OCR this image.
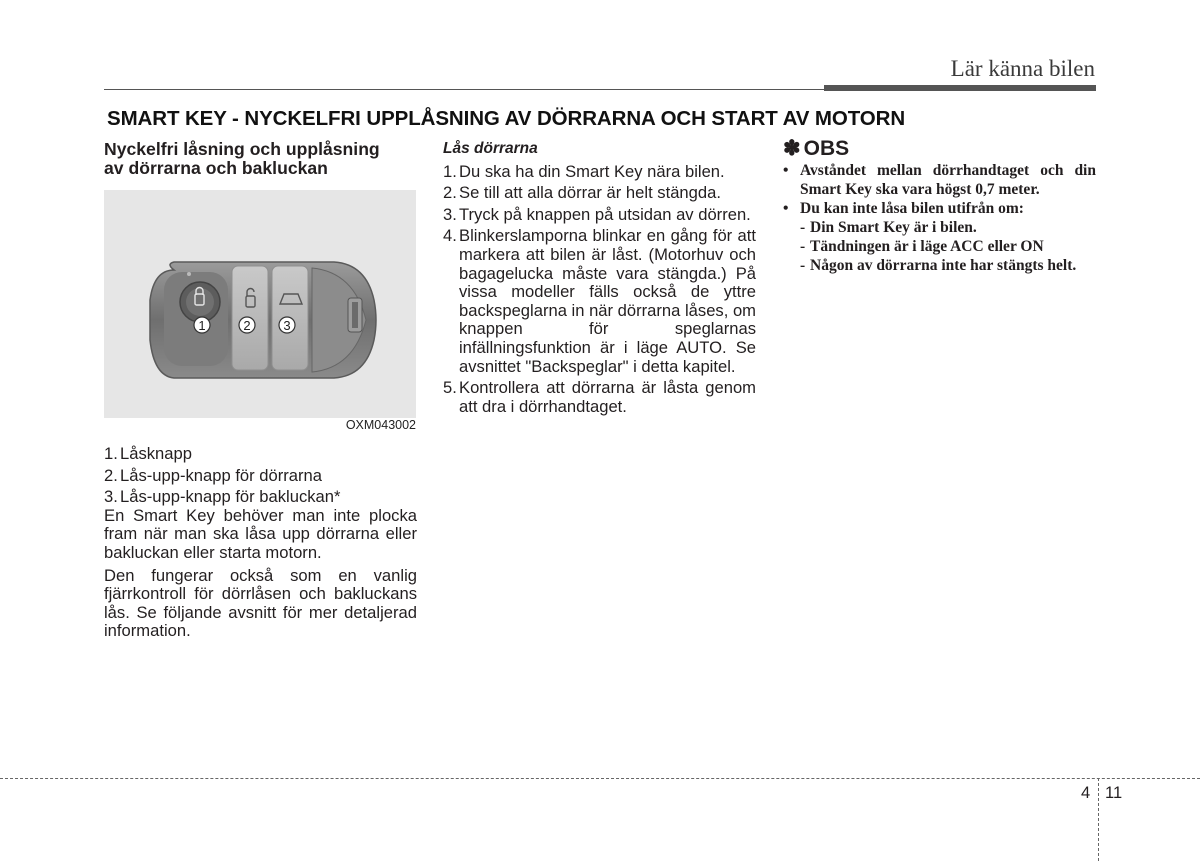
Lär känna bilen
SMART KEY - NYCKELFRI UPPLÅSNING AV DÖRRARNA OCH START AV MOTORN
Nyckelfri låsning och upplåsning
av dörrarna och bakluckan
1	2	3
OXM043002
1. Låsknapp
2. Lås-upp-knapp för dörrarna
3. Lås-upp-knapp för bakluckan*

En Smart Key behöver man inte plocka fram när man ska låsa upp dörrarna eller bakluckan eller starta motorn.

Den fungerar också som en vanlig fjärrkontroll för dörrlåsen och bakluckans lås. Se följande avsnitt för mer detaljerad information.

Lås dörrarna
1. Du ska ha din Smart Key nära bilen.
2. Se till att alla dörrar är helt stängda.
3. Tryck på knappen på utsidan av dörren.
4. Blinkerslamporna blinkar en gång för att markera att bilen är låst. (Motorhuv och bagagelucka måste vara stängda.) På vissa modeller fälls också de yttre backspeglarna in när dörrarna låses, om knappen för speglarnas infällningsfunktion är i läge AUTO. Se avsnittet "Backspeglar" i detta kapitel.
5. Kontrollera att dörrarna är låsta genom att dra i dörrhandtaget.
✽ OBS
• Avståndet mellan dörrhandtaget och din Smart Key ska vara högst 0,7 meter.
• Du kan inte låsa bilen utifrån om:
- Din Smart Key är i bilen.
- Tändningen är i läge ACC eller ON
- Någon av dörrarna inte har stängts helt.
4 11
